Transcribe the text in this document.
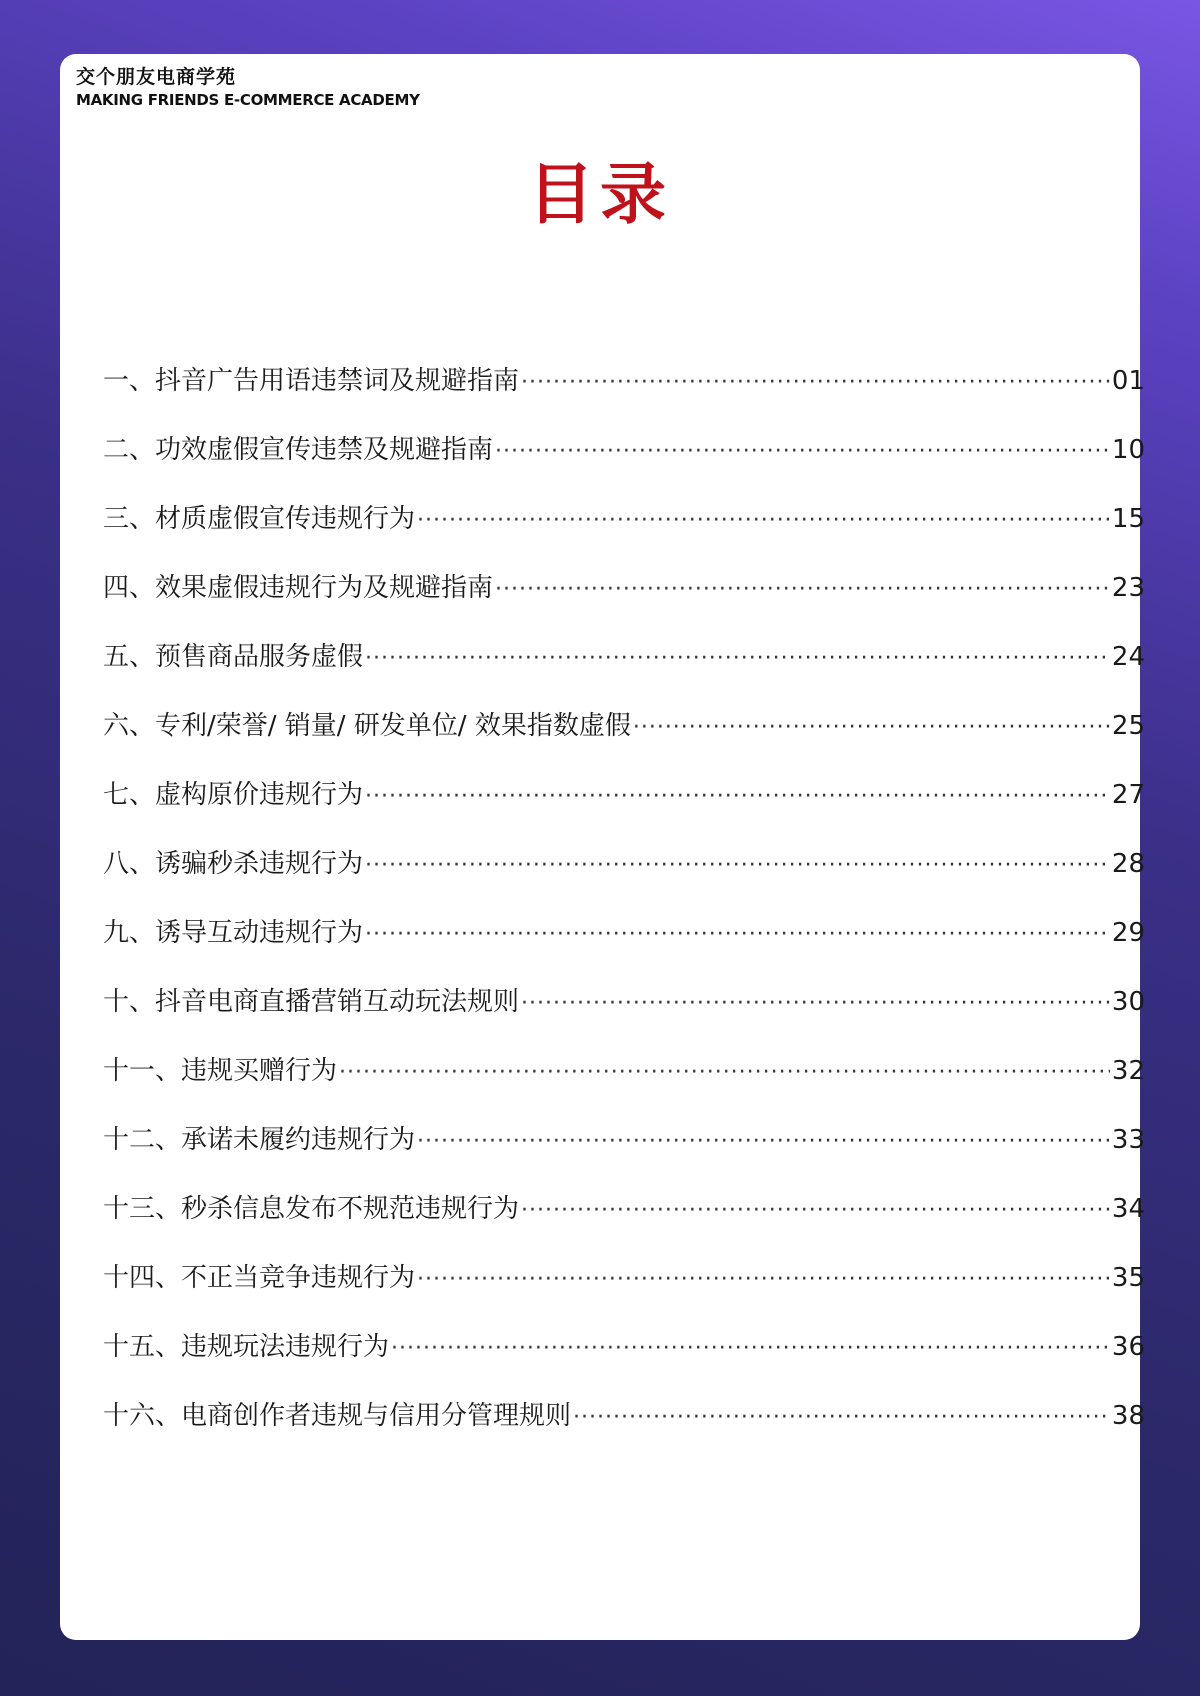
交个朋友电商学苑
MAKING FRIENDS E-COMMERCE ACADEMY
目录
一、抖音广告用语违禁词及规避指南 ·····	01
二、功效虚假宣传违禁及规避指南 ·····	10
三、材质虚假宣传违规行为 ·····	15
四、效果虚假违规行为及规避指南 ·····	23
五、预售商品服务虚假 ·····	24
六、专利/荣誉/ 销量/ 研发单位/ 效果指数虚假 ·····	25
七、虚构原价违规行为 ·····	27
八、诱骗秒杀违规行为 ·····	28
九、诱导互动违规行为 ·····	29
十、抖音电商直播营销互动玩法规则 ·····	30
十一、违规买赠行为 ·····	32
十二、承诺未履约违规行为 ·····	33
十三、秒杀信息发布不规范违规行为 ·····	34
十四、不正当竞争违规行为 ·····	35
十五、违规玩法违规行为 ·····	36
十六、电商创作者违规与信用分管理规则 ·····	38
